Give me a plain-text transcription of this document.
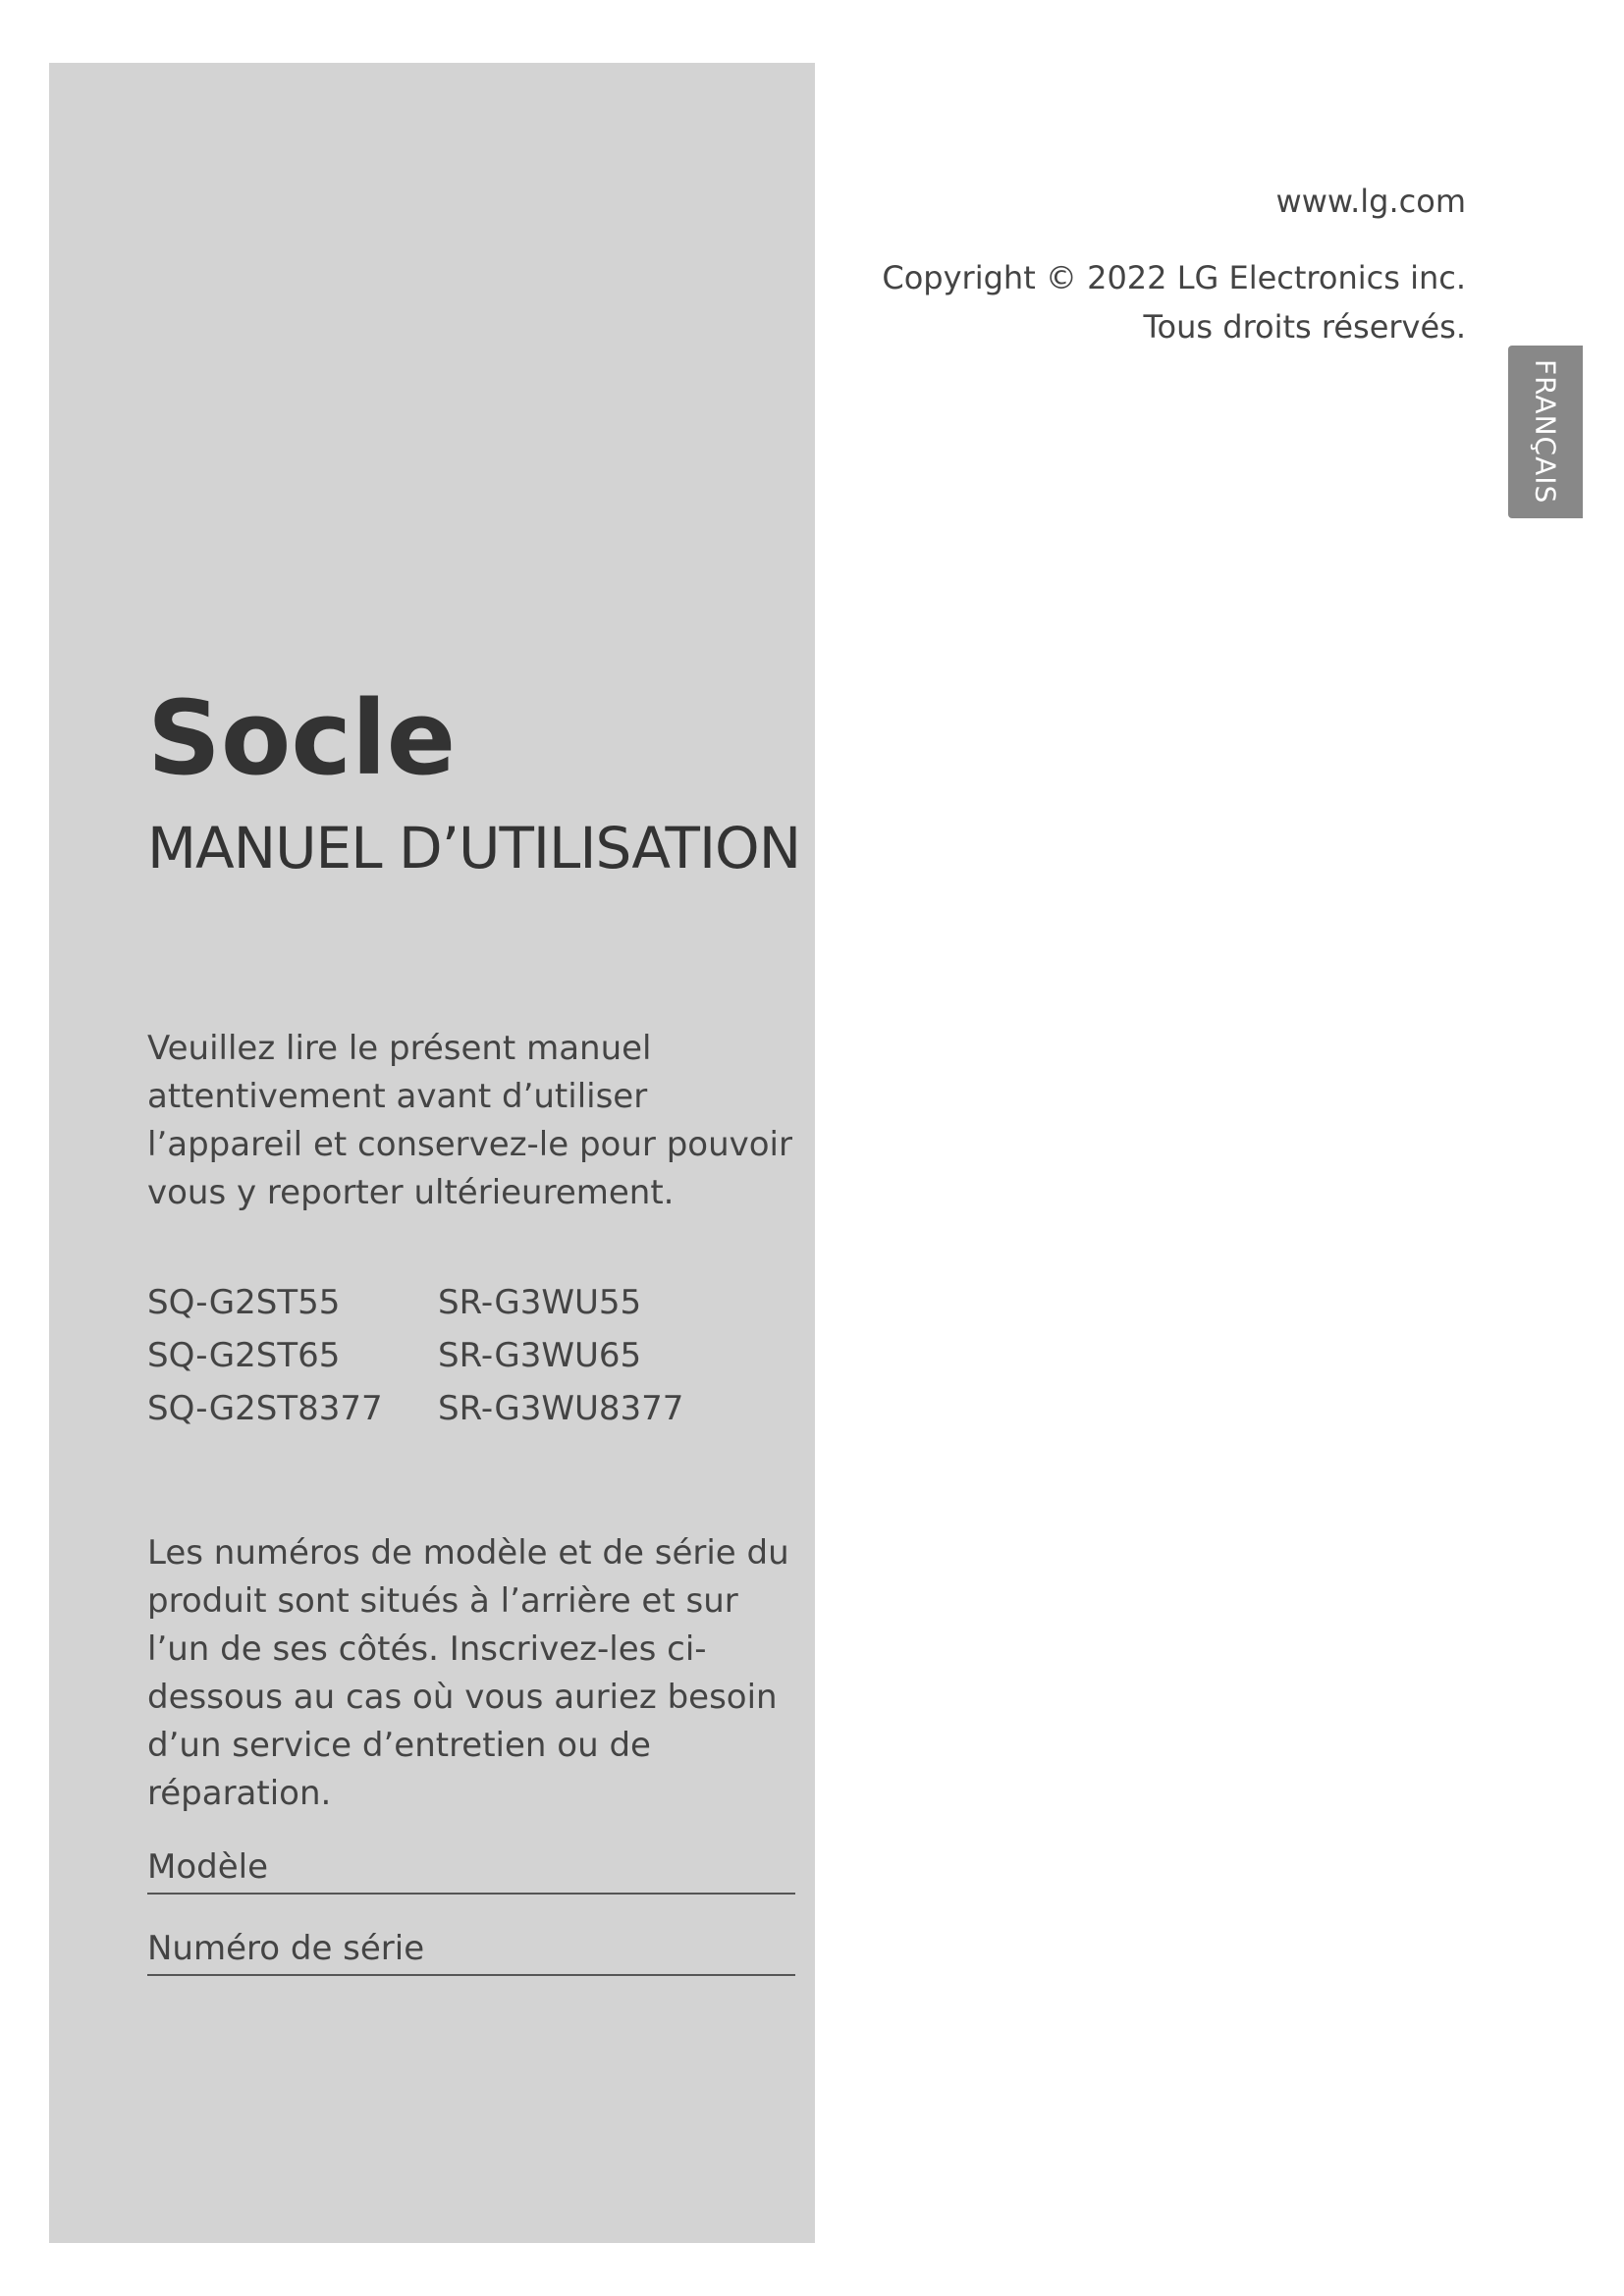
www.lg.com
Copyright © 2022 LG Electronics inc.
Tous droits réservés.
FRANÇAIS
Socle
MANUEL D’UTILISATION

Veuillez lire le présent manuel attentivement avant d’utiliser l’appareil et conservez-le pour pouvoir vous y reporter ultérieurement.

SQ-G2ST55	SR-G3WU55
SQ-G2ST65	SR-G3WU65
SQ-G2ST8377	SR-G3WU8377

Les numéros de modèle et de série du produit sont situés à l’arrière et sur l’un de ses côtés. Inscrivez-les ci-dessous au cas où vous auriez besoin d’un service d’entretien ou de réparation.

Modèle
Numéro de série
